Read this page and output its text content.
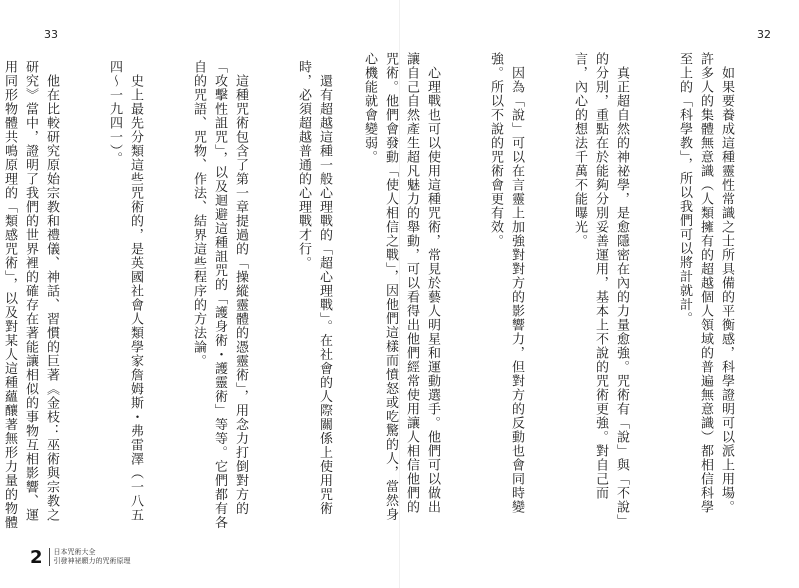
33

還有超越這種一般心理戰的「超心理戰」。在社會的人際關係上使用咒術時，必須超越普通的心理戰才行。

這種咒術包含了第一章提過的「操縱靈體的憑靈術」，用念力打倒對方的「攻擊性詛咒」，以及迴避這種詛咒的「護身術・護靈術」等等。它們都有各自的咒語、咒物、作法、結界這些程序的方法論。

史上最先分類這些咒術的，是英國社會人類學家詹姆斯・弗雷澤（一八五四〜一九四一）。

他在比較研究原始宗教和禮儀、神話、習慣的巨著《金枝：巫術與宗教之研究》當中，證明了我們的世界裡的確存在著能讓相似的事物互相影響、運用同形物體共鳴原理的「類感咒術」，以及對某人這種蘊釀著無形力量的物體

2 日本咒術大全
引發神祕願力的咒術原理
32

如果要養成這種靈性常識之士所具備的平衡感，科學證明可以派上用場。許多人的集體無意識（人類擁有的超越個人領域的普遍無意識）都相信科學至上的「科學教」，所以我們可以將計就計。

真正超自然的神祕學，是愈隱密在內的力量愈強。咒術有「說」與「不說」的分別，重點在於能夠分別妥善運用，基本上不說的咒術更強。對自己而言，內心的想法千萬不能曝光。

因為「說」可以在言靈上加強對對方的影響力，但對方的反動也會同時變強。所以不說的咒術會更有效。

心理戰也可以使用這種咒術，常見於藝人明星和運動選手。他們可以做出讓自己自然產生超凡魅力的舉動，可以看得出他們經常使用讓人相信他們的咒術。他們會發動「使人相信之戰」，因他們這樣而憤怒或吃驚的人，當然身心機能就會變弱。
